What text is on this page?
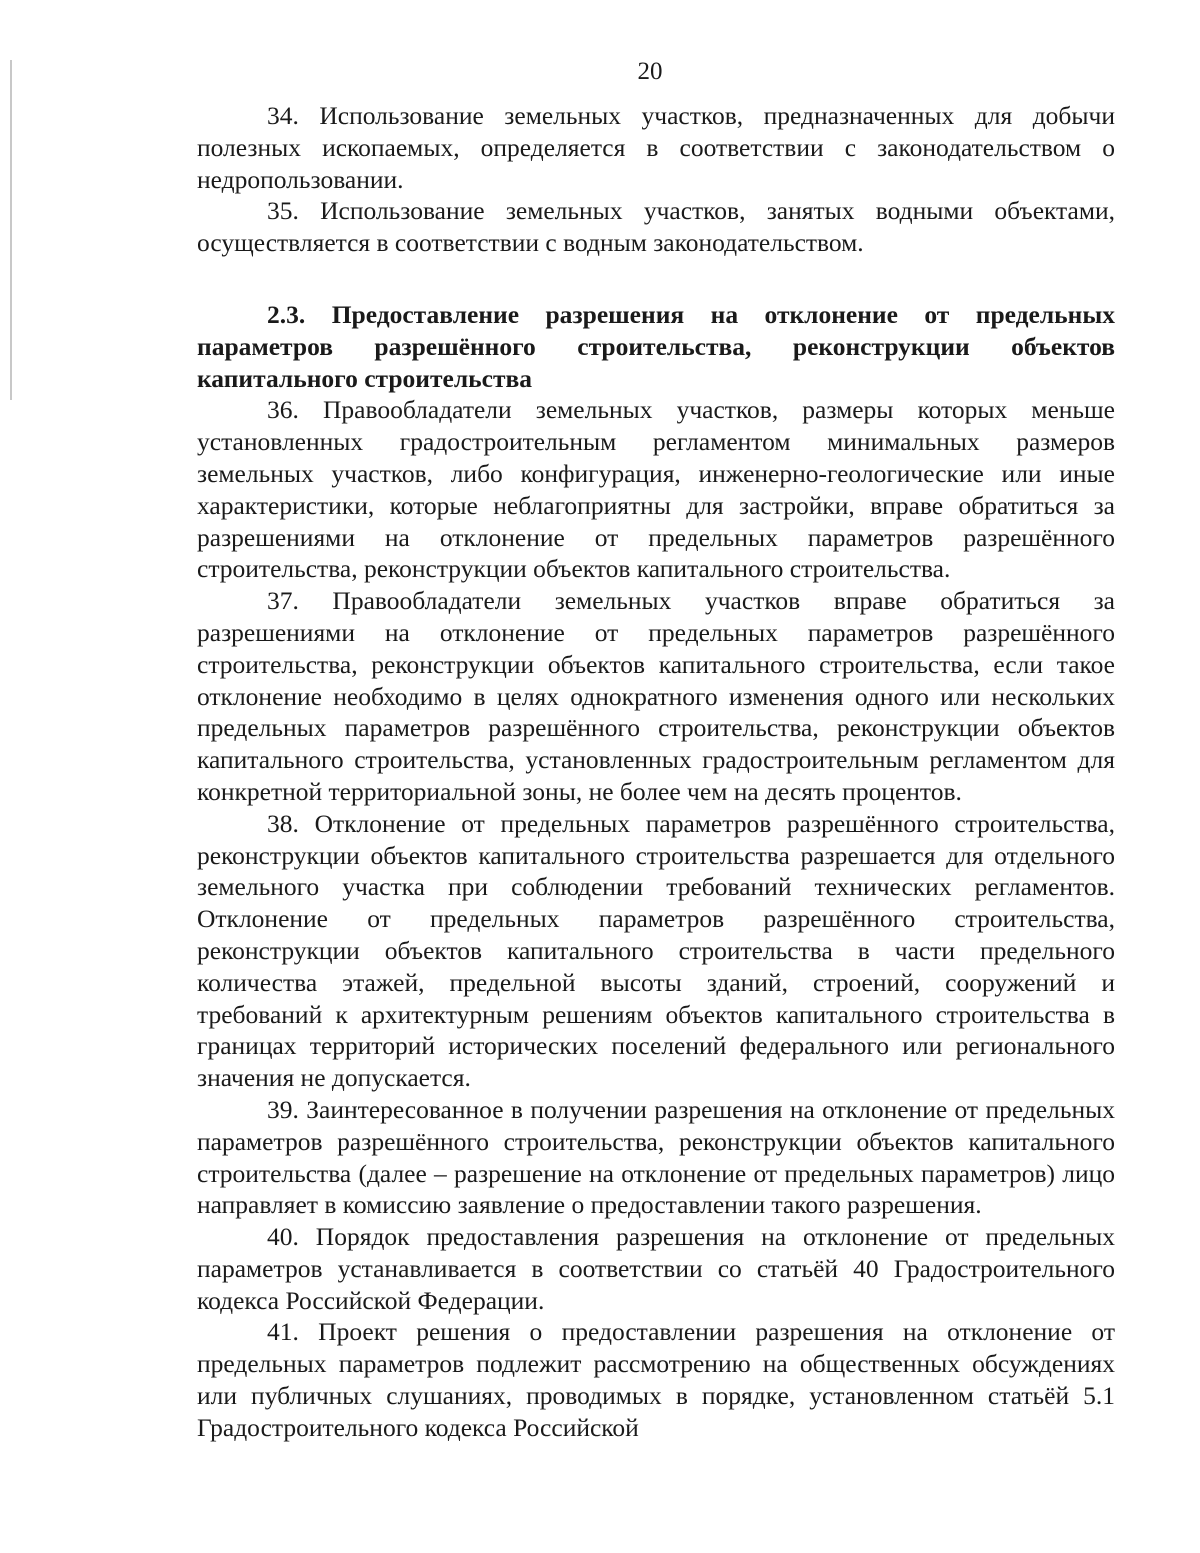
20

34. Использование земельных участков, предназначенных для добычи полезных ископаемых, определяется в соответствии с законодательством о недропользовании.

35. Использование земельных участков, занятых водными объектами, осуществляется в соответствии с водным законодательством.

2.3. Предоставление разрешения на отклонение от предельных параметров разрешённого строительства, реконструкции объектов капитального строительства

36. Правообладатели земельных участков, размеры которых меньше установленных градостроительным регламентом минимальных размеров земельных участков, либо конфигурация, инженерно-геологические или иные характеристики, которые неблагоприятны для застройки, вправе обратиться за разрешениями на отклонение от предельных параметров разрешённого строительства, реконструкции объектов капитального строительства.

37. Правообладатели земельных участков вправе обратиться за разрешениями на отклонение от предельных параметров разрешённого строительства, реконструкции объектов капитального строительства, если такое отклонение необходимо в целях однократного изменения одного или нескольких предельных параметров разрешённого строительства, реконструкции объектов капитального строительства, установленных градостроительным регламентом для конкретной территориальной зоны, не более чем на десять процентов.

38. Отклонение от предельных параметров разрешённого строительства, реконструкции объектов капитального строительства разрешается для отдельного земельного участка при соблюдении требований технических регламентов. Отклонение от предельных параметров разрешённого строительства, реконструкции объектов капитального строительства в части предельного количества этажей, предельной высоты зданий, строений, сооружений и требований к архитектурным решениям объектов капитального строительства в границах территорий исторических поселений федерального или регионального значения не допускается.

39. Заинтересованное в получении разрешения на отклонение от предельных параметров разрешённого строительства, реконструкции объектов капитального строительства (далее – разрешение на отклонение от предельных параметров) лицо направляет в комиссию заявление о предоставлении такого разрешения.

40. Порядок предоставления разрешения на отклонение от предельных параметров устанавливается в соответствии со статьёй 40 Градостроительного кодекса Российской Федерации.

41. Проект решения о предоставлении разрешения на отклонение от предельных параметров подлежит рассмотрению на общественных обсуждениях или публичных слушаниях, проводимых в порядке, установленном статьёй 5.1 Градостроительного кодекса Российской
